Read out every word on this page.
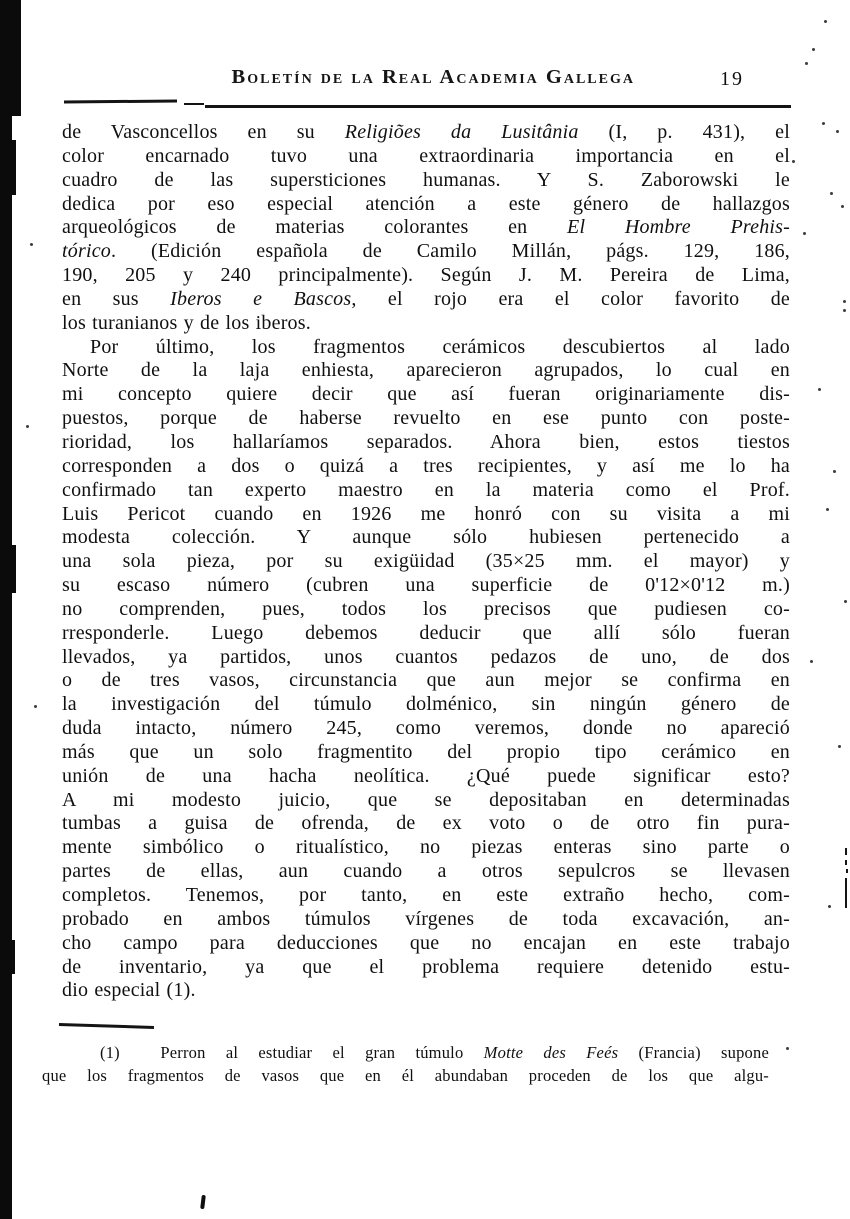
Boletín de la Real Academia Gallega	19
de Vasconcellos en su Religiões da Lusitânia (I, p. 431), el
color encarnado tuvo una extraordinaria importancia en el
cuadro de las supersticiones humanas. Y S. Zaborowski le
dedica por eso especial atención a este género de hallazgos
arqueológicos de materias colorantes en El Hombre Prehis-
tórico. (Edición española de Camilo Millán, págs. 129, 186,
190, 205 y 240 principalmente). Según J. M. Pereira de Lima,
en sus Iberos e Bascos, el rojo era el color favorito de
los turanianos y de los iberos.
Por último, los fragmentos cerámicos descubiertos al lado
Norte de la laja enhiesta, aparecieron agrupados, lo cual en
mi concepto quiere decir que así fueran originariamente dis-
puestos, porque de haberse revuelto en ese punto con poste-
rioridad, los hallaríamos separados. Ahora bien, estos tiestos
corresponden a dos o quizá a tres recipientes, y así me lo ha
confirmado tan experto maestro en la materia como el Prof.
Luis Pericot cuando en 1926 me honró con su visita a mi
modesta colección. Y aunque sólo hubiesen pertenecido a
una sola pieza, por su exigüidad (35×25 mm. el mayor) y
su escaso número (cubren una superficie de 0'12×0'12 m.)
no comprenden, pues, todos los precisos que pudiesen co-
rresponderle. Luego debemos deducir que allí sólo fueran
llevados, ya partidos, unos cuantos pedazos de uno, de dos
o de tres vasos, circunstancia que aun mejor se confirma en
la investigación del túmulo dolménico, sin ningún género de
duda intacto, número 245, como veremos, donde no apareció
más que un solo fragmentito del propio tipo cerámico en
unión de una hacha neolítica. ¿Qué puede significar esto?
A mi modesto juicio, que se depositaban en determinadas
tumbas a guisa de ofrenda, de ex voto o de otro fin pura-
mente simbólico o ritualístico, no piezas enteras sino parte o
partes de ellas, aun cuando a otros sepulcros se llevasen
completos. Tenemos, por tanto, en este extraño hecho, com-
probado en ambos túmulos vírgenes de toda excavación, an-
cho campo para deducciones que no encajan en este trabajo
de inventario, ya que el problema requiere detenido estu-
dio especial (1).
(1)  Perron al estudiar el gran túmulo Motte des Feés (Francia) supone
que los fragmentos de vasos que en él abundaban proceden de los que algu-
